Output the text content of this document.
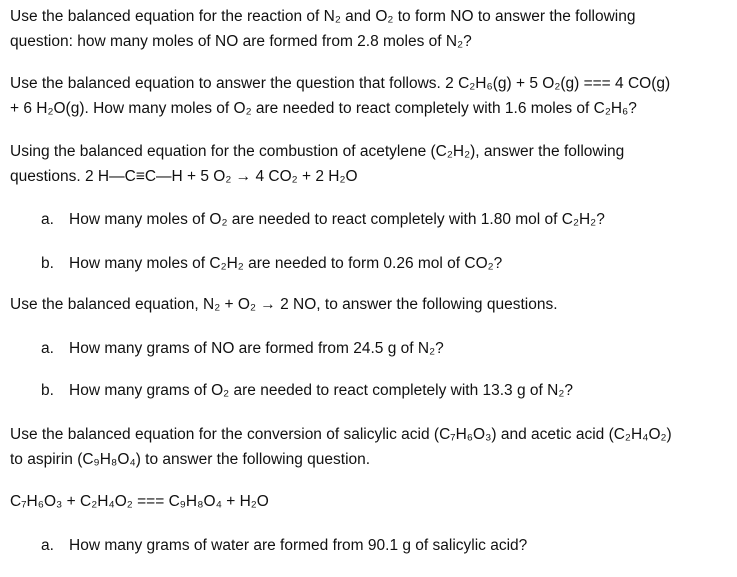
Use the balanced equation for the reaction of N₂ and O₂ to form NO to answer the following
question: how many moles of NO are formed from 2.8 moles of N₂?
Use the balanced equation to answer the question that follows. 2 C₂H₆(g) + 5 O₂(g) === 4 CO(g)
+ 6 H₂O(g). How many moles of O₂ are needed to react completely with 1.6 moles of C₂H₆?
Using the balanced equation for the combustion of acetylene (C₂H₂), answer the following
questions. 2 H—C≡C—H + 5 O₂ → 4 CO₂ + 2 H₂O
a. How many moles of O₂ are needed to react completely with 1.80 mol of C₂H₂?
b. How many moles of C₂H₂ are needed to form 0.26 mol of CO₂?
Use the balanced equation, N₂ + O₂ → 2 NO, to answer the following questions.
a. How many grams of NO are formed from 24.5 g of N₂?
b. How many grams of O₂ are needed to react completely with 13.3 g of N₂?
Use the balanced equation for the conversion of salicylic acid (C₇H₆O₃) and acetic acid (C₂H₄O₂)
to aspirin (C₉H₈O₄) to answer the following question.
C₇H₆O₃ + C₂H₄O₂ === C₉H₈O₄ + H₂O
a. How many grams of water are formed from 90.1 g of salicylic acid?
